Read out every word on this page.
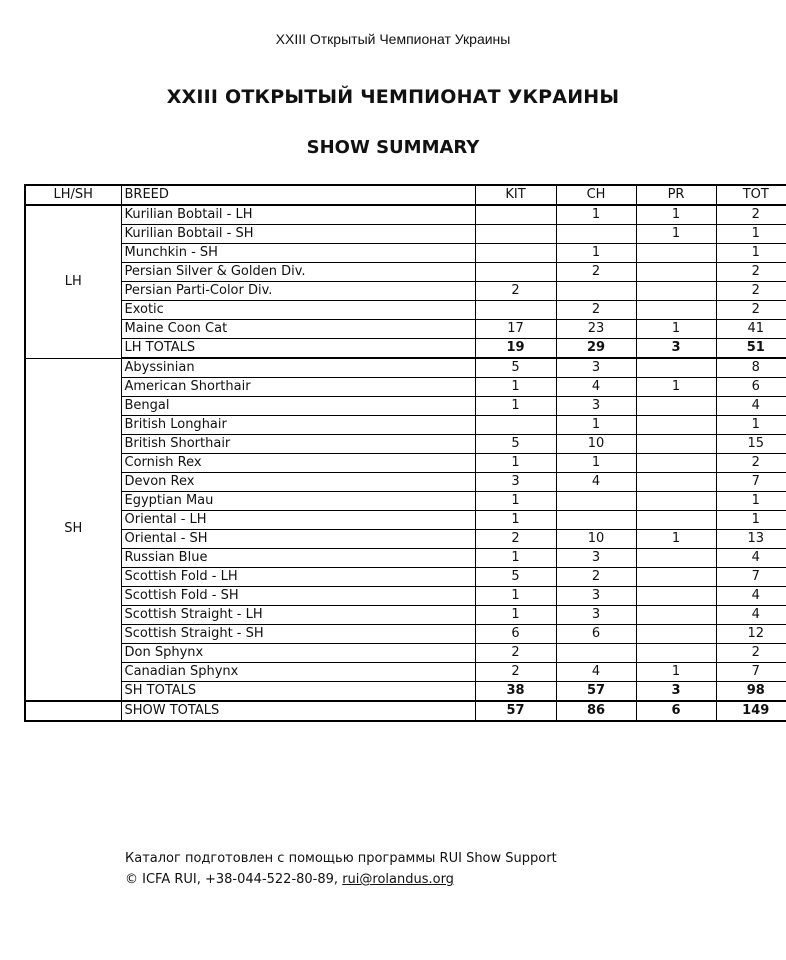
XXIII Открытый Чемпионат Украины
XXIII ОТКРЫТЫЙ ЧЕМПИОНАТ УКРАИНЫ
SHOW SUMMARY
LH/SH	BREED	KIT	CH	PR	TOT
LH	Kurilian Bobtail - LH		1	1	2
	Kurilian Bobtail - SH			1	1
	Munchkin - SH		1		1
	Persian Silver & Golden Div.		2		2
	Persian Parti-Color Div.	2			2
	Exotic		2		2
	Maine Coon Cat	17	23	1	41
	LH TOTALS	19	29	3	51
SH	Abyssinian	5	3		8
	American Shorthair	1	4	1	6
	Bengal	1	3		4
	British Longhair		1		1
	British Shorthair	5	10		15
	Cornish Rex	1	1		2
	Devon Rex	3	4		7
	Egyptian Mau	1			1
	Oriental - LH	1			1
	Oriental - SH	2	10	1	13
	Russian Blue	1	3		4
	Scottish Fold - LH	5	2		7
	Scottish Fold - SH	1	3		4
	Scottish Straight - LH	1	3		4
	Scottish Straight - SH	6	6		12
	Don Sphynx	2			2
	Canadian Sphynx	2	4	1	7
	SH TOTALS	38	57	3	98
	SHOW TOTALS	57	86	6	149
Каталог подготовлен с помощью программы RUI Show Support
© ICFA RUI, +38-044-522-80-89, rui@rolandus.org
